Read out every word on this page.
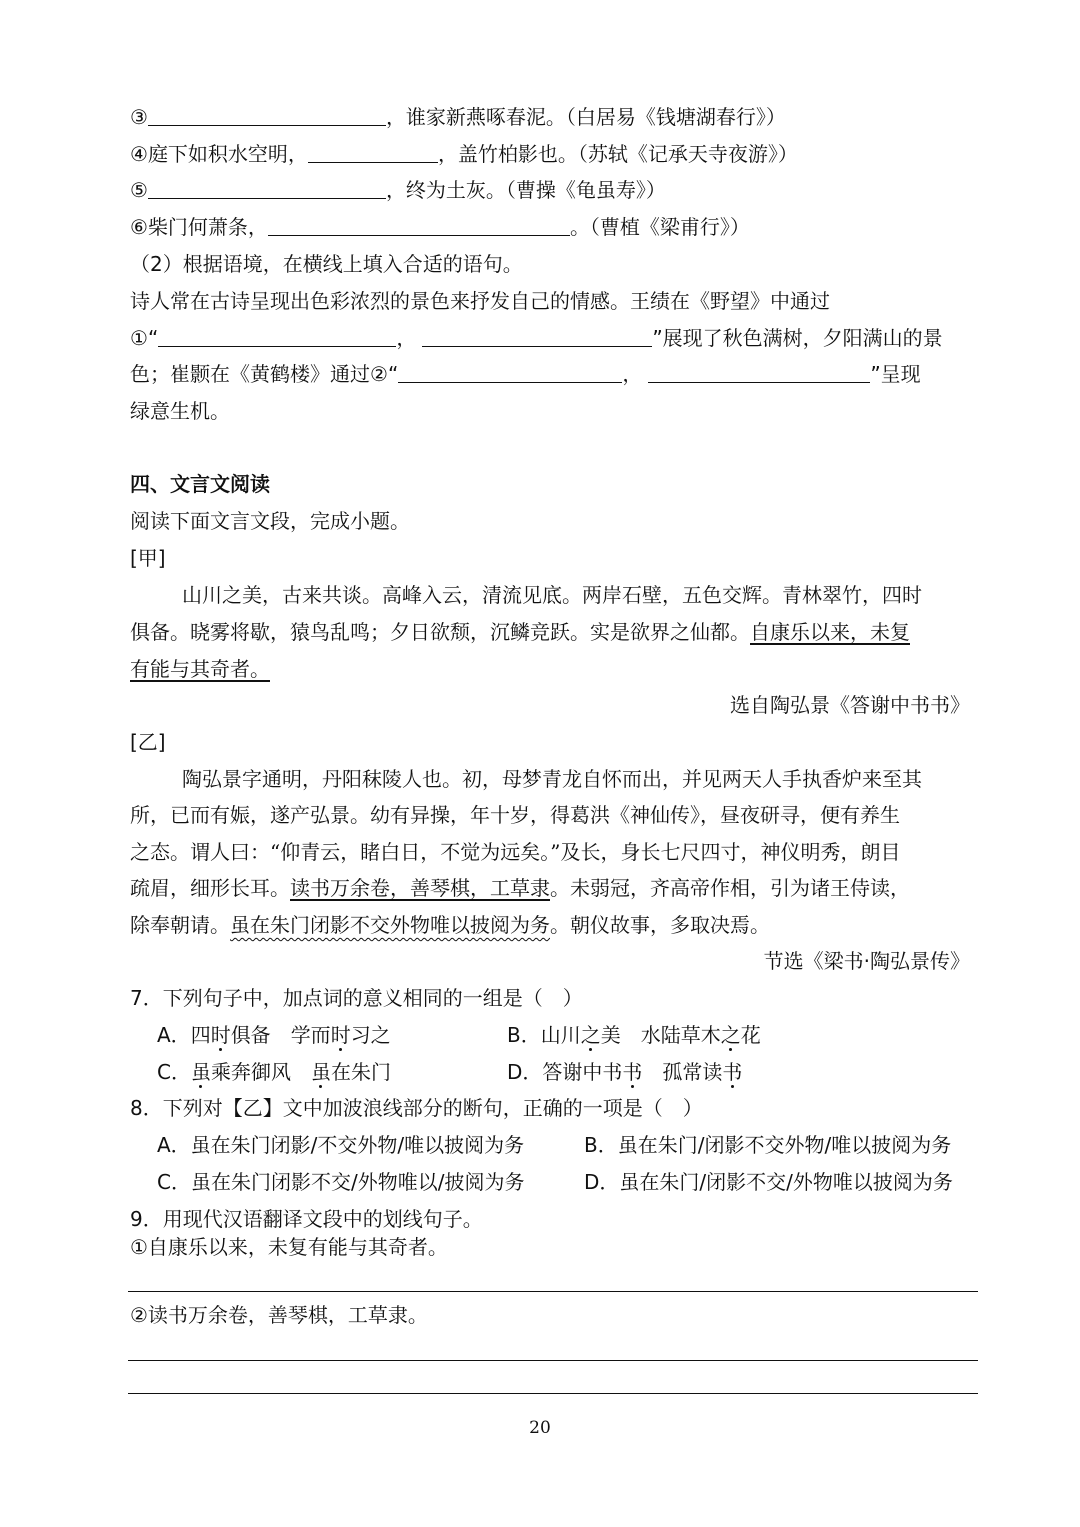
③	，谁家新燕啄春泥。（白居易《钱塘湖春行》）
④庭下如积水空明，	，盖竹柏影也。（苏轼《记承天寺夜游》）
⑤	，终为土灰。（曹操《龟虽寿》）
⑥柴门何萧条，	。（曹植《梁甫行》）
（2）根据语境，在横线上填入合适的语句。
诗人常在古诗呈现出色彩浓烈的景色来抒发自己的情感。王绩在《野望》中通过
①“	，	”展现了秋色满树，夕阳满山的景
色；崔颢在《黄鹤楼》通过②“	，	”呈现
绿意生机。
四、文言文阅读
阅读下面文言文段，完成小题。
[甲]
山川之美，古来共谈。高峰入云，清流见底。两岸石壁，五色交辉。青林翠竹，四时
俱备。晓雾将歇，猿鸟乱鸣；夕日欲颓，沉鳞竞跃。实是欲界之仙都。自康乐以来，未复
有能与其奇者。
选自陶弘景《答谢中书书》
[乙]
陶弘景字通明，丹阳秣陵人也。初，母梦青龙自怀而出，并见两天人手执香炉来至其
所，已而有娠，遂产弘景。幼有异操，年十岁，得葛洪《神仙传》，昼夜研寻，便有养生
之态。谓人曰：“仰青云，睹白日，不觉为远矣。”及长，身长七尺四寸，神仪明秀，朗目
疏眉，细形长耳。读书万余卷，善琴棋，工草隶。未弱冠，齐高帝作相，引为诸王侍读，
除奉朝请。虽在朱门闭影不交外物唯以披阅为务。朝仪故事，多取决焉。
节选《梁书·陶弘景传》
7．下列句子中，加点词的意义相同的一组是（　）
A．四时俱备　 学而时习之	B．山川之美　 水陆草木之花
C．虽乘奔御风　 虽在朱门	D．答谢中书书　 孤常读书
8．下列对【乙】文中加波浪线部分的断句，正确的一项是（　）
A．虽在朱门闭影/不交外物/唯以披阅为务	B．虽在朱门/闭影不交外物/唯以披阅为务
C．虽在朱门闭影不交/外物唯以/披阅为务	D．虽在朱门/闭影不交/外物唯以披阅为务
9．用现代汉语翻译文段中的划线句子。
①自康乐以来，未复有能与其奇者。
②读书万余卷，善琴棋，工草隶。
20
